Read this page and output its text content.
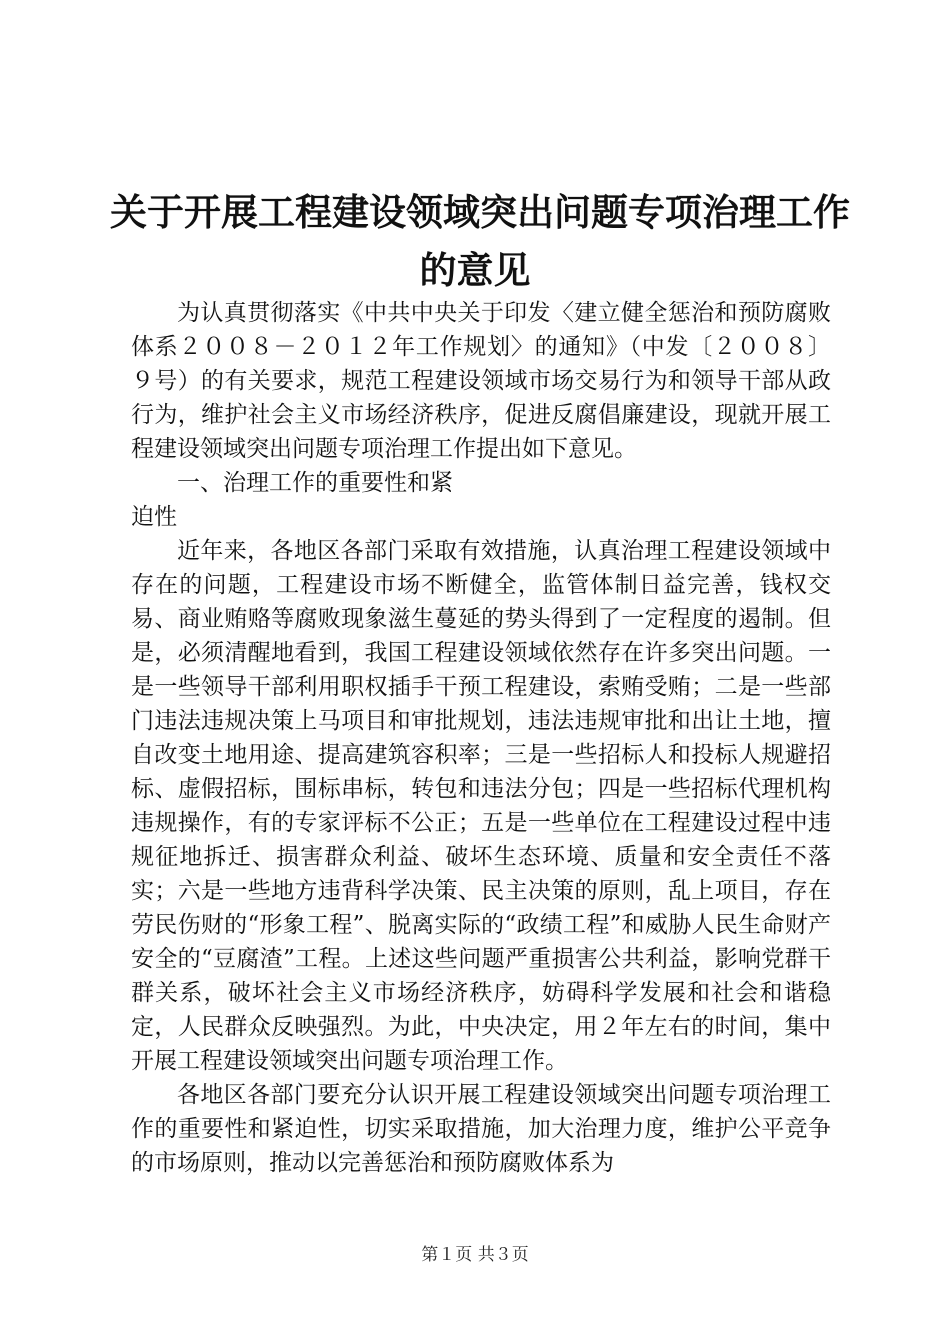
关于开展工程建设领域突出问题专项治理工作
的意见

为认真贯彻落实《中共中央关于印发〈建立健全惩治和预防腐败体系２００８－２０１２年工作规划〉的通知》（中发〔２００８〕９号）的有关要求，规范工程建设领域市场交易行为和领导干部从政行为，维护社会主义市场经济秩序，促进反腐倡廉建设，现就开展工程建设领域突出问题专项治理工作提出如下意见。

一、治理工作的重要性和紧迫性

近年来，各地区各部门采取有效措施，认真治理工程建设领域中存在的问题，工程建设市场不断健全，监管体制日益完善，钱权交易、商业贿赂等腐败现象滋生蔓延的势头得到了一定程度的遏制。但是，必须清醒地看到，我国工程建设领域依然存在许多突出问题。一是一些领导干部利用职权插手干预工程建设，索贿受贿；二是一些部门违法违规决策上马项目和审批规划，违法违规审批和出让土地，擅自改变土地用途、提高建筑容积率；三是一些招标人和投标人规避招标、虚假招标，围标串标，转包和违法分包；四是一些招标代理机构违规操作，有的专家评标不公正；五是一些单位在工程建设过程中违规征地拆迁、损害群众利益、破坏生态环境、质量和安全责任不落实；六是一些地方违背科学决策、民主决策的原则，乱上项目，存在劳民伤财的“形象工程”、脱离实际的“政绩工程”和威胁人民生命财产安全的“豆腐渣”工程。上述这些问题严重损害公共利益，影响党群干群关系，破坏社会主义市场经济秩序，妨碍科学发展和社会和谐稳定，人民群众反映强烈。为此，中央决定，用２年左右的时间，集中开展工程建设领域突出问题专项治理工作。

各地区各部门要充分认识开展工程建设领域突出问题专项治理工作的重要性和紧迫性，切实采取措施，加大治理力度，维护公平竞争的市场原则，推动以完善惩治和预防腐败体系为

第１页 共３页
